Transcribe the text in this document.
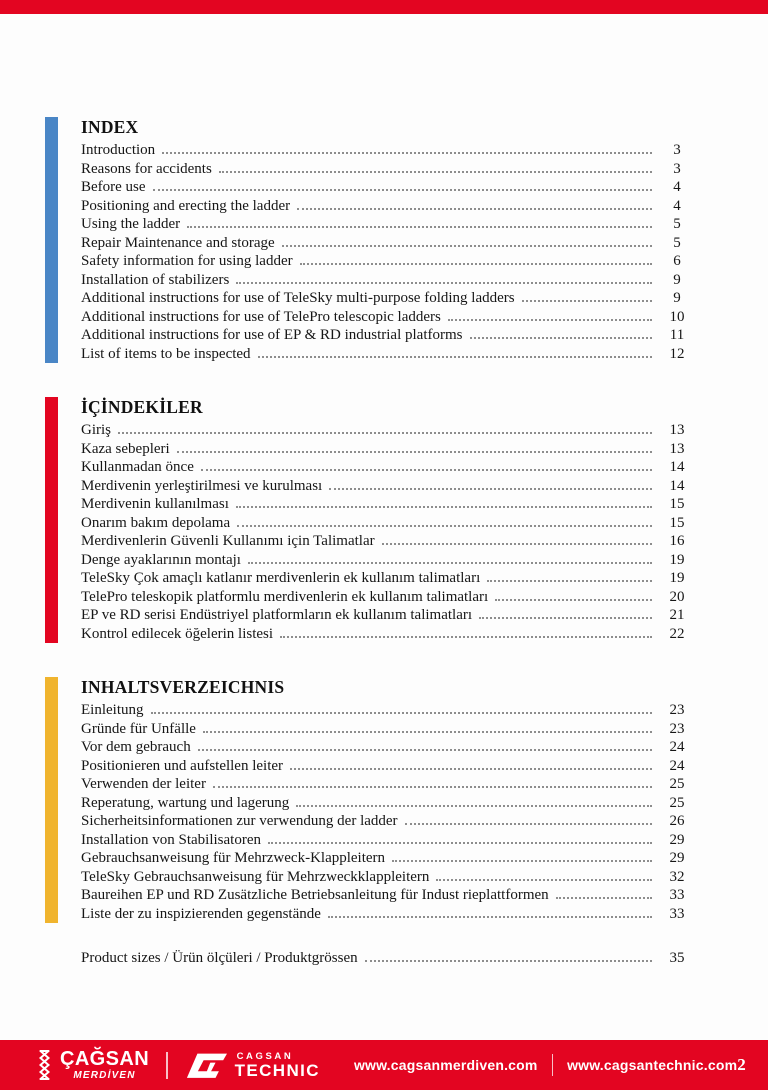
INDEX
Introduction	3
Reasons for accidents	3
Before use	4
Positioning and erecting the ladder	4
Using the ladder	5
Repair Maintenance and storage	5
Safety information for using ladder	6
Installation of stabilizers	9
Additional instructions for use of TeleSky multi-purpose folding ladders	9
Additional instructions for use of TelePro telescopic ladders	10
Additional instructions for use of EP & RD industrial platforms	11
List of items to be inspected	12
İÇİNDEKİLER
Giriş	13
Kaza sebepleri	13
Kullanmadan önce	14
Merdivenin yerleştirilmesi ve kurulması	14
Merdivenin kullanılması	15
Onarım bakım depolama	15
Merdivenlerin Güvenli Kullanımı için Talimatlar	16
Denge ayaklarının montajı	19
TeleSky Çok amaçlı katlanır merdivenlerin ek kullanım talimatları	19
TelePro teleskopik platformlu merdivenlerin ek kullanım talimatları	20
EP ve RD serisi Endüstriyel platformların ek kullanım talimatları	21
Kontrol edilecek öğelerin listesi	22
INHALTSVERZEICHNIS
Einleitung	23
Gründe für Unfälle	23
Vor dem gebrauch	24
Positionieren und aufstellen leiter	24
Verwenden der leiter	25
Reperatung, wartung und lagerung	25
Sicherheitsinformationen zur verwendung der ladder	26
Installation von Stabilisatoren	29
Gebrauchsanweisung für Mehrzweck-Klappleitern	29
TeleSky Gebrauchsanweisung für Mehrzweckklappleitern	32
Baureihen EP und RD Zusätzliche Betriebsanleitung für Indust rieplattformen	33
Liste der zu inspizierenden gegenstände	33
Product sizes / Ürün ölçüleri / Produktgrössen	35
ÇAĞSAN
MERDİVEN
CAGSAN
TECHNIC www.cagsanmerdiven.com www.cagsantechnic.com 2
